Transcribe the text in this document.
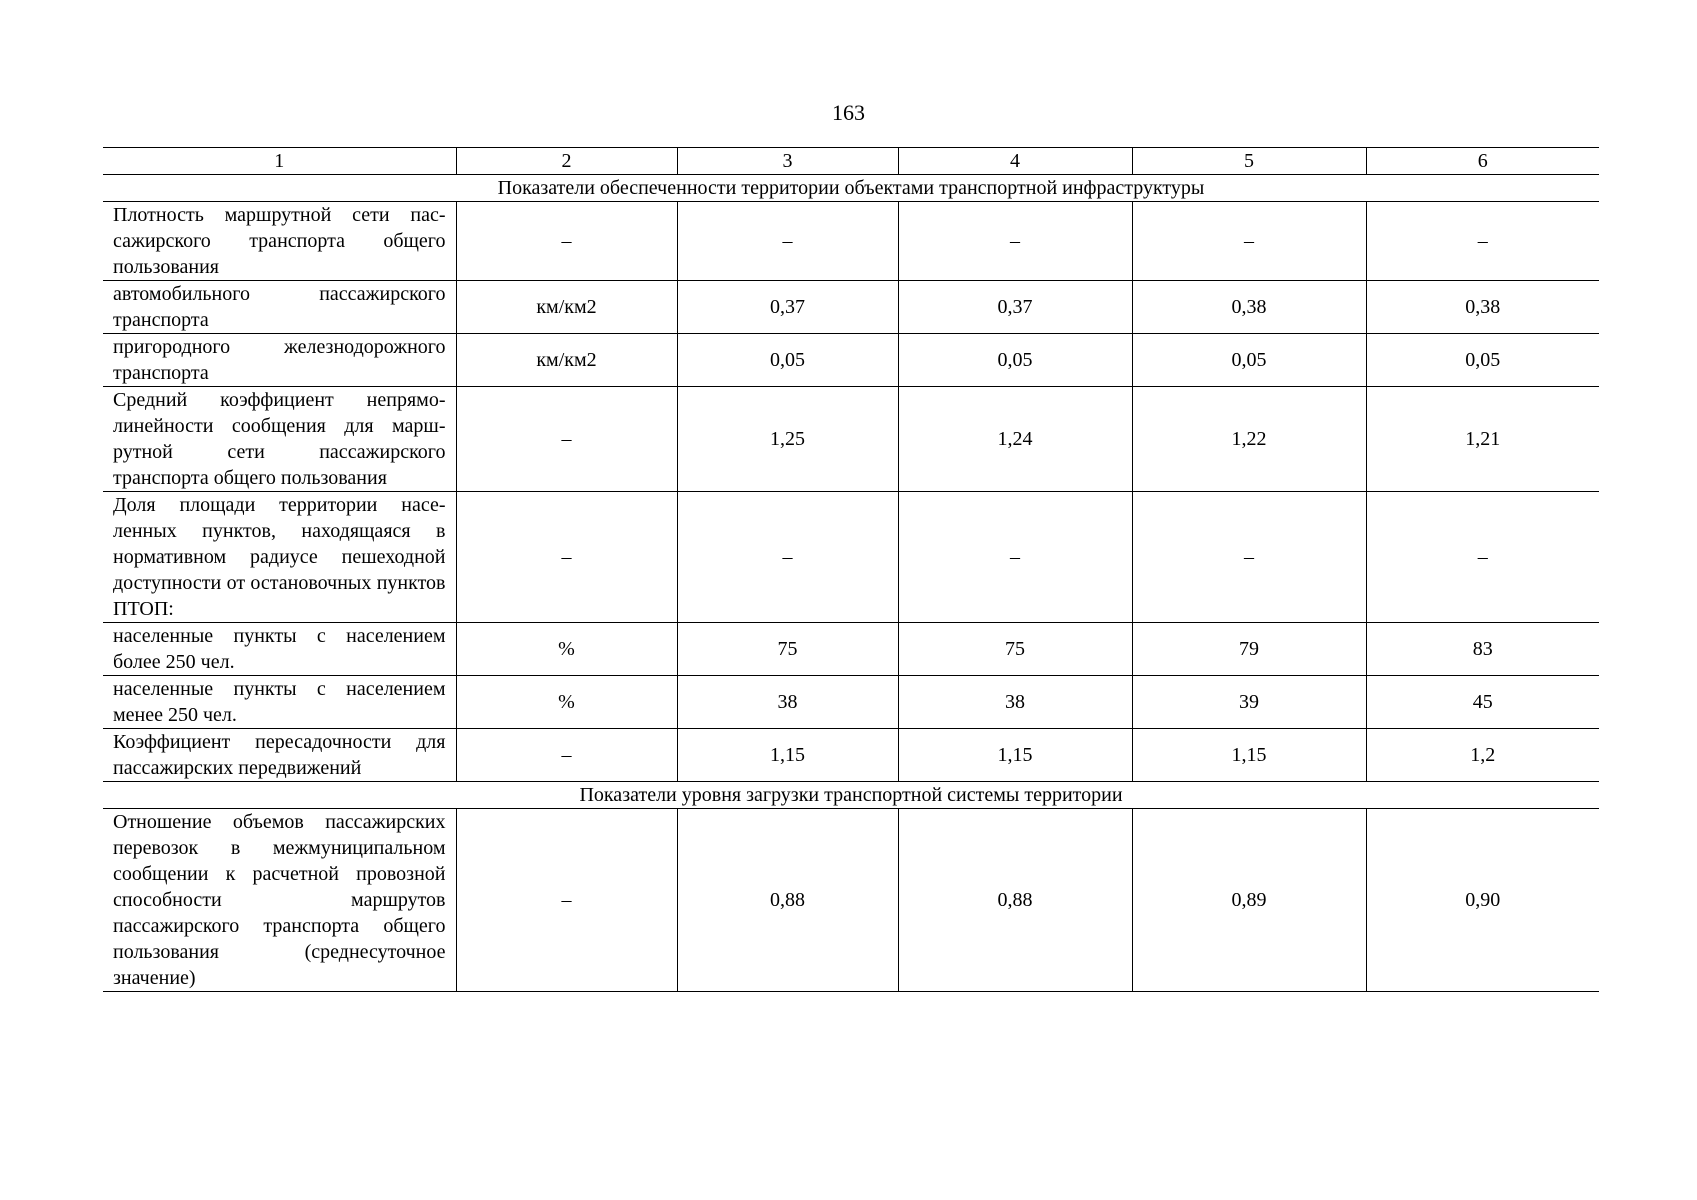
163
1	2	3	4	5	6
Показатели обеспеченности территории объектами транспортной инфраструктуры					
Плотность маршрутной сети пассажирского транспорта общего пользования	–	–	–	–	–
автомобильного пассажирского транспорта	км/км2	0,37	0,37	0,38	0,38
пригородного железнодорожного транспорта	км/км2	0,05	0,05	0,05	0,05
Средний коэффициент непрямолинейности сообщения для маршрутной сети пассажирского транспорта общего пользования	–	1,25	1,24	1,22	1,21
Доля площади территории населенных пунктов, находящаяся в нормативном радиусе пешеходной доступности от остановочных пунктов ПТОП:	–	–	–	–	–
населенные пункты с населением более 250 чел.	%	75	75	79	83
населенные пункты с населением менее 250 чел.	%	38	38	39	45
Коэффициент пересадочности для пассажирских передвижений	–	1,15	1,15	1,15	1,2
Показатели уровня загрузки транспортной системы территории					
Отношение объемов пассажирских перевозок в межмуниципальном сообщении к расчетной провозной способности маршрутов пассажирского транспорта общего пользования (среднесуточное значение)	–	0,88	0,88	0,89	0,90
